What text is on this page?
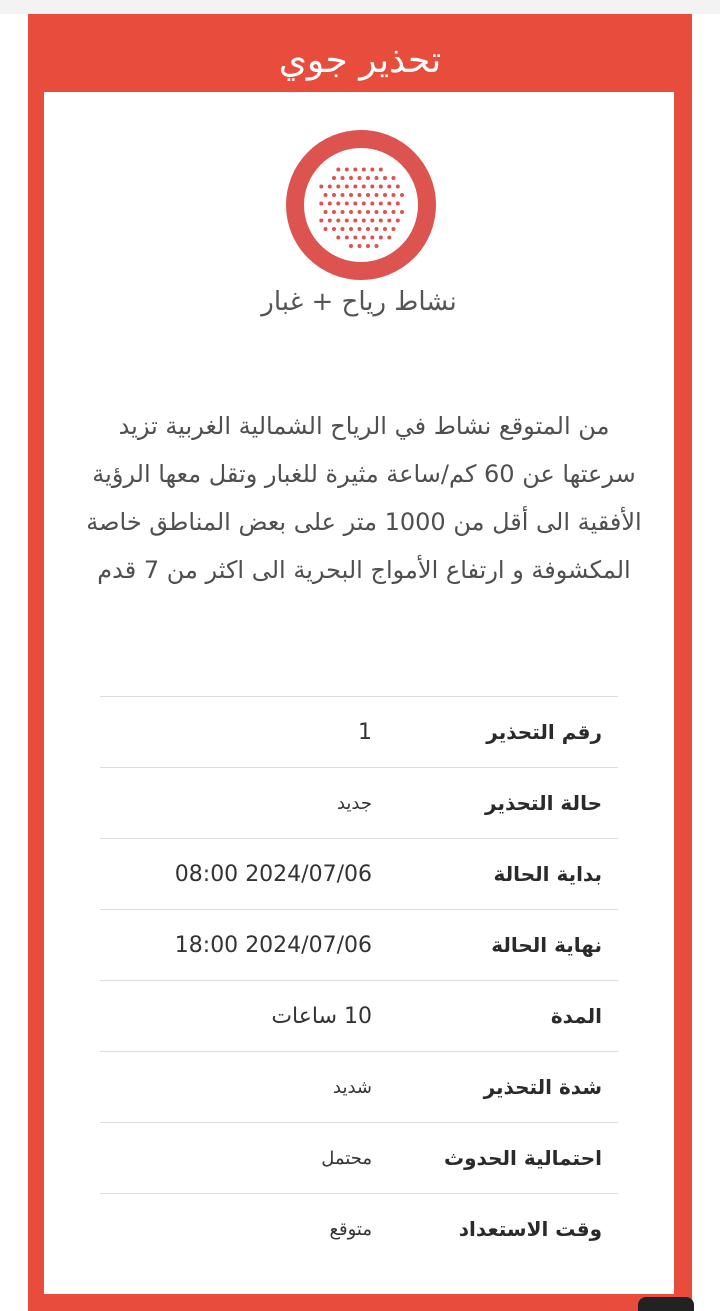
تحذير جوي
نشاط رياح + غبار
من المتوقع نشاط في الرياح الشمالية الغربية تزيد سرعتها عن 60 كم/ساعة مثيرة للغبار وتقل معها الرؤية الأفقية الى أقل من 1000 متر على بعض المناطق خاصة المكشوفة و ارتفاع الأمواج البحرية الى اكثر من 7 قدم
رقم التحذير	1
حالة التحذير	جديد
بداية الحالة	2024/07/06 08:00
نهاية الحالة	2024/07/06 18:00
المدة	10 ساعات
شدة التحذير	شديد
احتمالية الحدوث	محتمل
وقت الاستعداد	متوقع
